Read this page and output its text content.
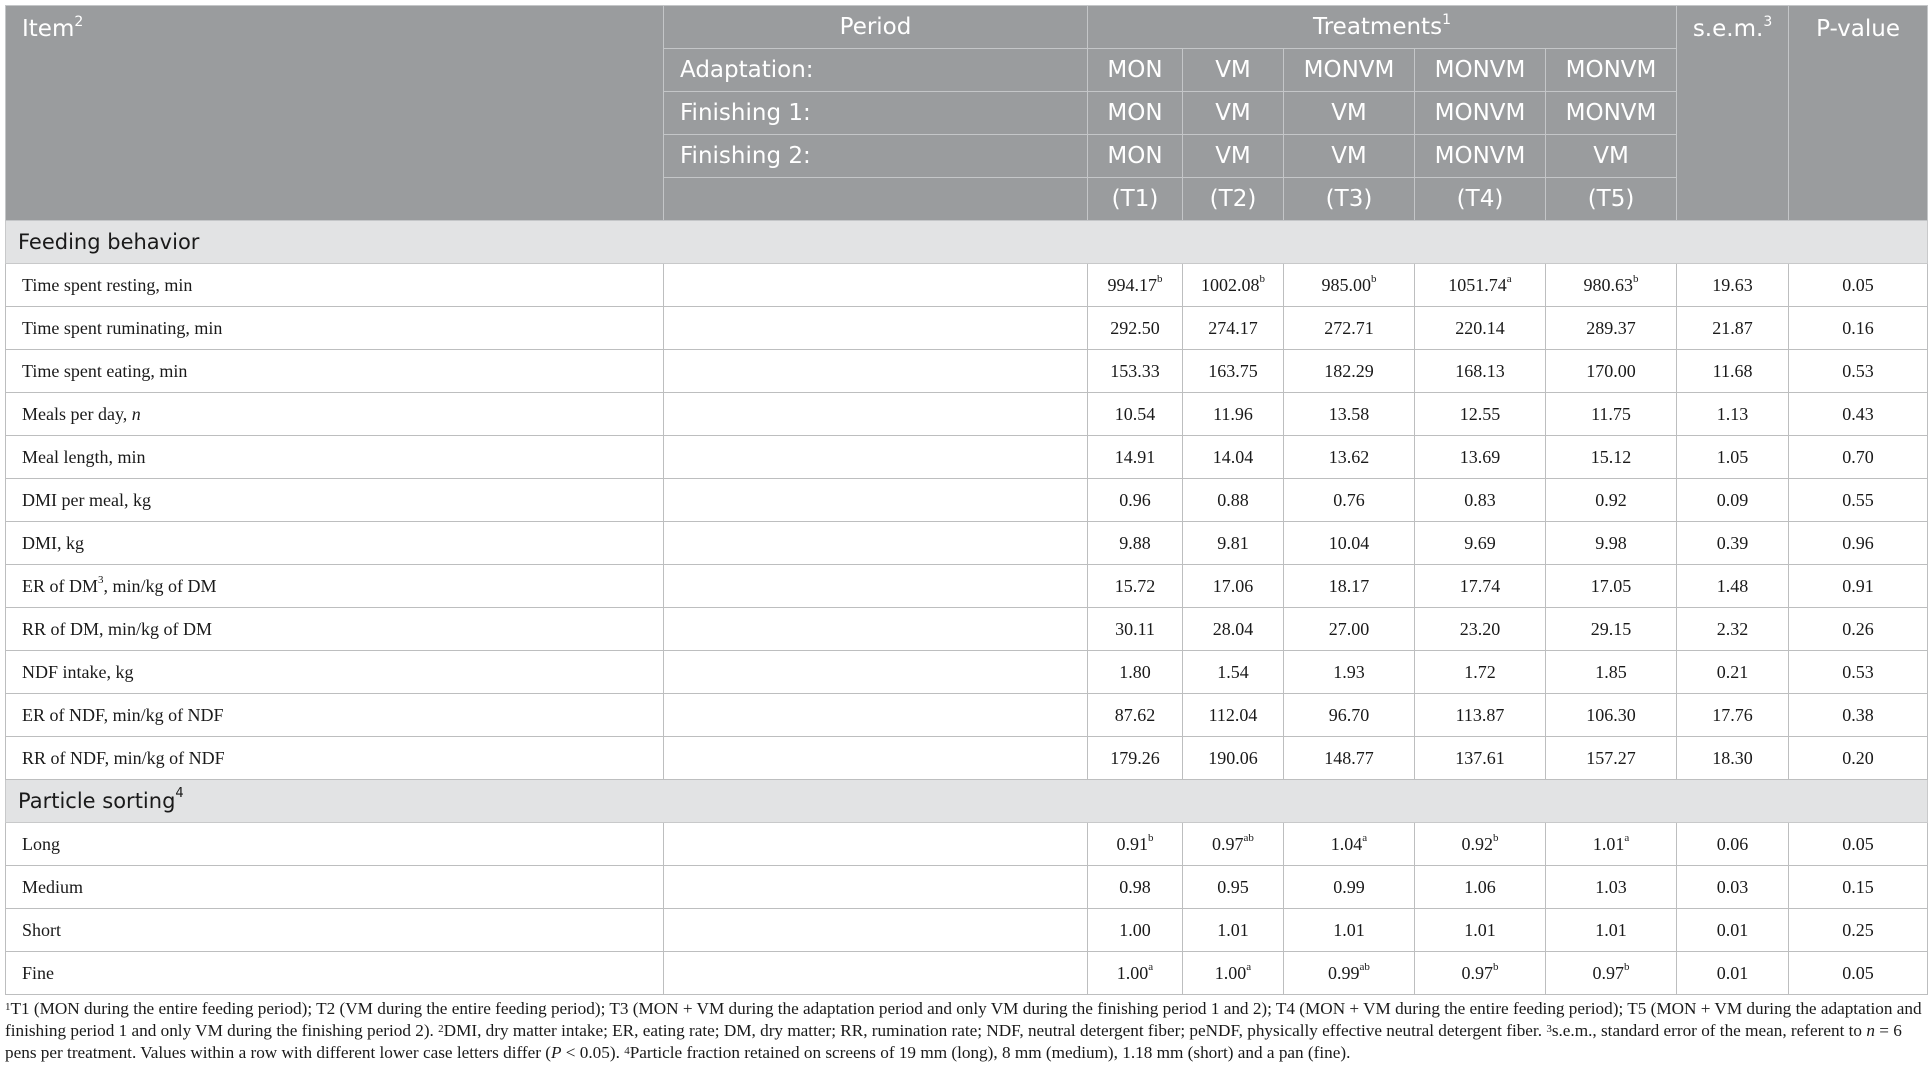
Item$^2$	Period	Treatments$^1$					s.e.m.$^3$	P-value
	Adaptation:	MON	VM	MONVM	MONVM	MONVM		
	Finishing 1:	MON	VM	VM	MONVM	MONVM		
	Finishing 2:	MON	VM	VM	MONVM	VM		
		(T1)	(T2)	(T3)	(T4)	(T5)		
Feeding behavior								
Time spent resting, min		994.17$^b$	1002.08$^b$	985.00$^b$	1051.74$^a$	980.63$^b$	19.63	0.05
Time spent ruminating, min		292.50	274.17	272.71	220.14	289.37	21.87	0.16
Time spent eating, min		153.33	163.75	182.29	168.13	170.00	11.68	0.53
Meals per day, n		10.54	11.96	13.58	12.55	11.75	1.13	0.43
Meal length, min		14.91	14.04	13.62	13.69	15.12	1.05	0.70
DMI per meal, kg		0.96	0.88	0.76	0.83	0.92	0.09	0.55
DMI, kg		9.88	9.81	10.04	9.69	9.98	0.39	0.96
ER of $DM^3$, min/kg of DM		15.72	17.06	18.17	17.74	17.05	1.48	0.91
RR of DM, min/kg of DM		30.11	28.04	27.00	23.20	29.15	2.32	0.26
NDF intake, kg		1.80	1.54	1.93	1.72	1.85	0.21	0.53
ER of NDF, min/kg of NDF		87.62	112.04	96.70	113.87	106.30	17.76	0.38
RR of NDF, min/kg of NDF		179.26	190.06	148.77	137.61	157.27	18.30	0.20
Particle sorting$^4$
Long		0.91$^b$	0.97$^{ab}$	1.04$^a$	0.92$^b$	1.01$^a$	0.06	0.05
Medium		0.98	0.95	0.99	1.06	1.03	0.03	0.15
Short		1.00	1.01	1.01	1.01	1.01	0.01	0.25
Fine		1.00$^a$	1.00$^a$	0.99$^{ab}$	0.97$^b$	0.97$^b$	0.01	0.05
$^1$T1 (MON during the entire feeding period); T2 (VM during the entire feeding period); T3 (MON + VM during the adaptation period and only VM during the finishing period 1 and 2); T4 (MON + VM during the entire feeding period); T5 (MON + VM during the adaptation and finishing period 1 and only VM during the finishing period 2). $^2$DMI, dry matter intake; ER, eating rate; DM, dry matter; RR, rumination rate; NDF, neutral detergent fiber; peNDF, physically effective neutral detergent fiber. $^3$s.e.m., standard error of the mean, referent to n = 6 pens per treatment. Values within a row with different lower case letters differ (P < 0.05). $^4$Particle fraction retained on screens of 19 mm (long), 8 mm (medium), 1.18 mm (short) and a pan (fine).
